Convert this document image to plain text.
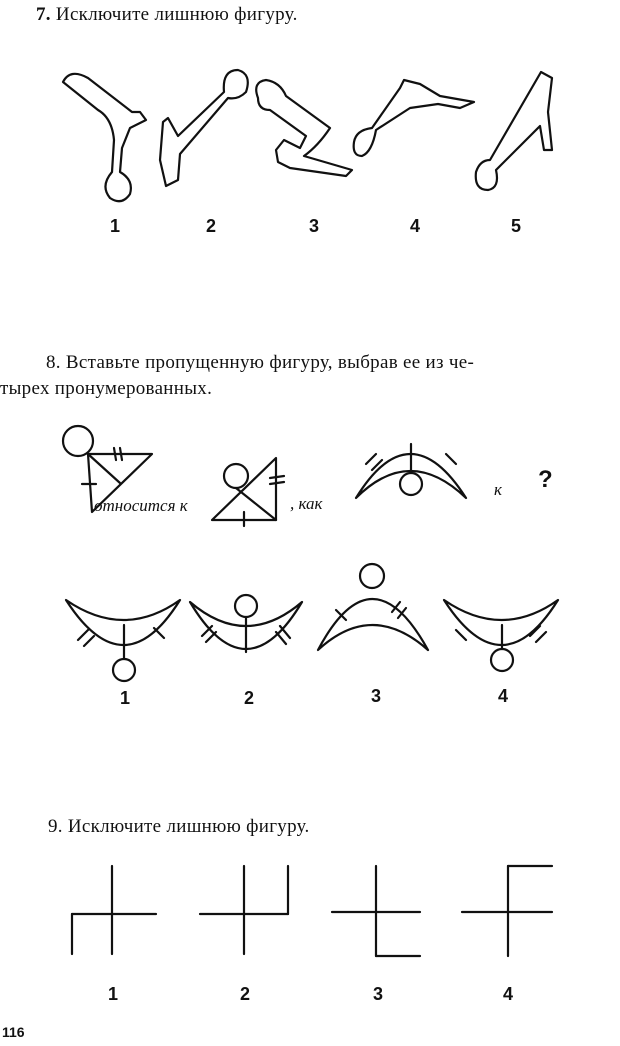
7. Исключите лишнюю фигуру.
1	2	3	4	5
8. Вставьте пропущенную фигуру, выбрав ее из че-
тырех пронумерованных.
относится к	, как
к ?
1	2	3	4
9. Исключите лишнюю фигуру.
1	2	3	4
116
